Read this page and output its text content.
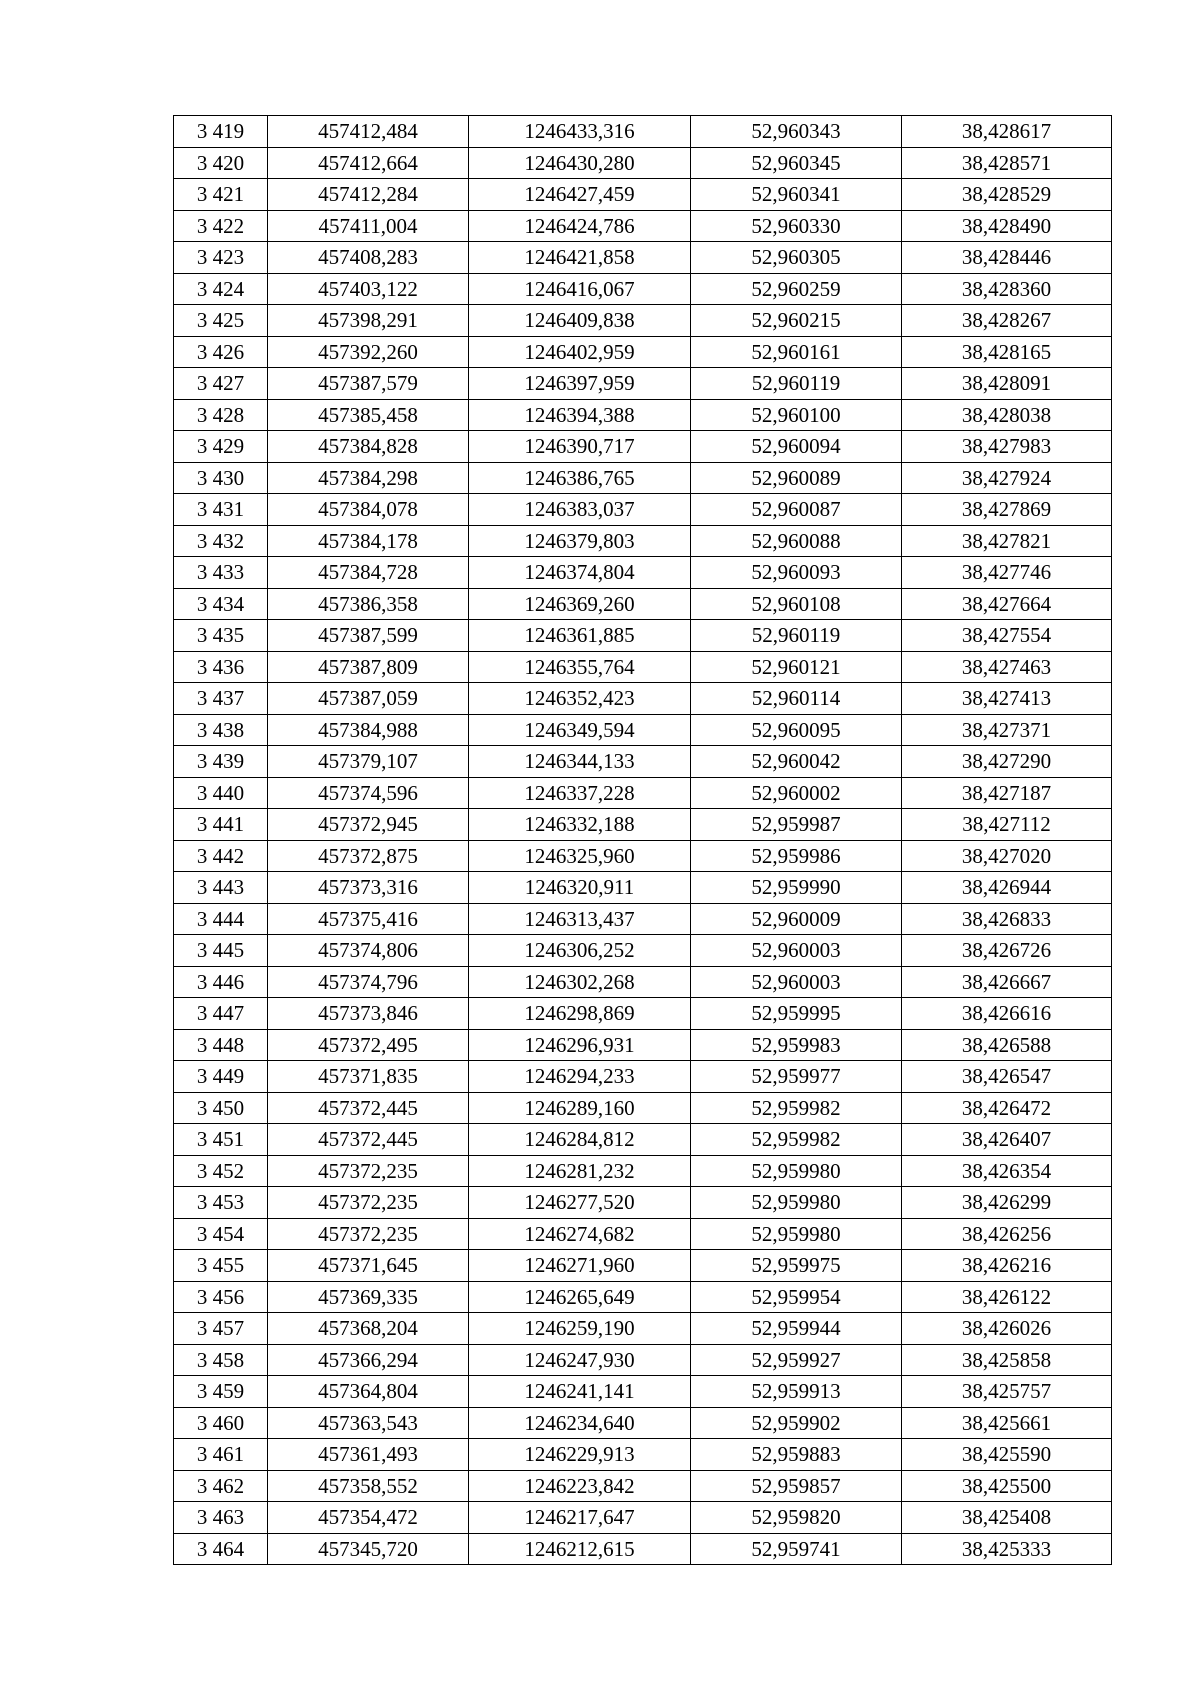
3 419	457412,484	1246433,316	52,960343	38,428617
3 420	457412,664	1246430,280	52,960345	38,428571
3 421	457412,284	1246427,459	52,960341	38,428529
3 422	457411,004	1246424,786	52,960330	38,428490
3 423	457408,283	1246421,858	52,960305	38,428446
3 424	457403,122	1246416,067	52,960259	38,428360
3 425	457398,291	1246409,838	52,960215	38,428267
3 426	457392,260	1246402,959	52,960161	38,428165
3 427	457387,579	1246397,959	52,960119	38,428091
3 428	457385,458	1246394,388	52,960100	38,428038
3 429	457384,828	1246390,717	52,960094	38,427983
3 430	457384,298	1246386,765	52,960089	38,427924
3 431	457384,078	1246383,037	52,960087	38,427869
3 432	457384,178	1246379,803	52,960088	38,427821
3 433	457384,728	1246374,804	52,960093	38,427746
3 434	457386,358	1246369,260	52,960108	38,427664
3 435	457387,599	1246361,885	52,960119	38,427554
3 436	457387,809	1246355,764	52,960121	38,427463
3 437	457387,059	1246352,423	52,960114	38,427413
3 438	457384,988	1246349,594	52,960095	38,427371
3 439	457379,107	1246344,133	52,960042	38,427290
3 440	457374,596	1246337,228	52,960002	38,427187
3 441	457372,945	1246332,188	52,959987	38,427112
3 442	457372,875	1246325,960	52,959986	38,427020
3 443	457373,316	1246320,911	52,959990	38,426944
3 444	457375,416	1246313,437	52,960009	38,426833
3 445	457374,806	1246306,252	52,960003	38,426726
3 446	457374,796	1246302,268	52,960003	38,426667
3 447	457373,846	1246298,869	52,959995	38,426616
3 448	457372,495	1246296,931	52,959983	38,426588
3 449	457371,835	1246294,233	52,959977	38,426547
3 450	457372,445	1246289,160	52,959982	38,426472
3 451	457372,445	1246284,812	52,959982	38,426407
3 452	457372,235	1246281,232	52,959980	38,426354
3 453	457372,235	1246277,520	52,959980	38,426299
3 454	457372,235	1246274,682	52,959980	38,426256
3 455	457371,645	1246271,960	52,959975	38,426216
3 456	457369,335	1246265,649	52,959954	38,426122
3 457	457368,204	1246259,190	52,959944	38,426026
3 458	457366,294	1246247,930	52,959927	38,425858
3 459	457364,804	1246241,141	52,959913	38,425757
3 460	457363,543	1246234,640	52,959902	38,425661
3 461	457361,493	1246229,913	52,959883	38,425590
3 462	457358,552	1246223,842	52,959857	38,425500
3 463	457354,472	1246217,647	52,959820	38,425408
3 464	457345,720	1246212,615	52,959741	38,425333
